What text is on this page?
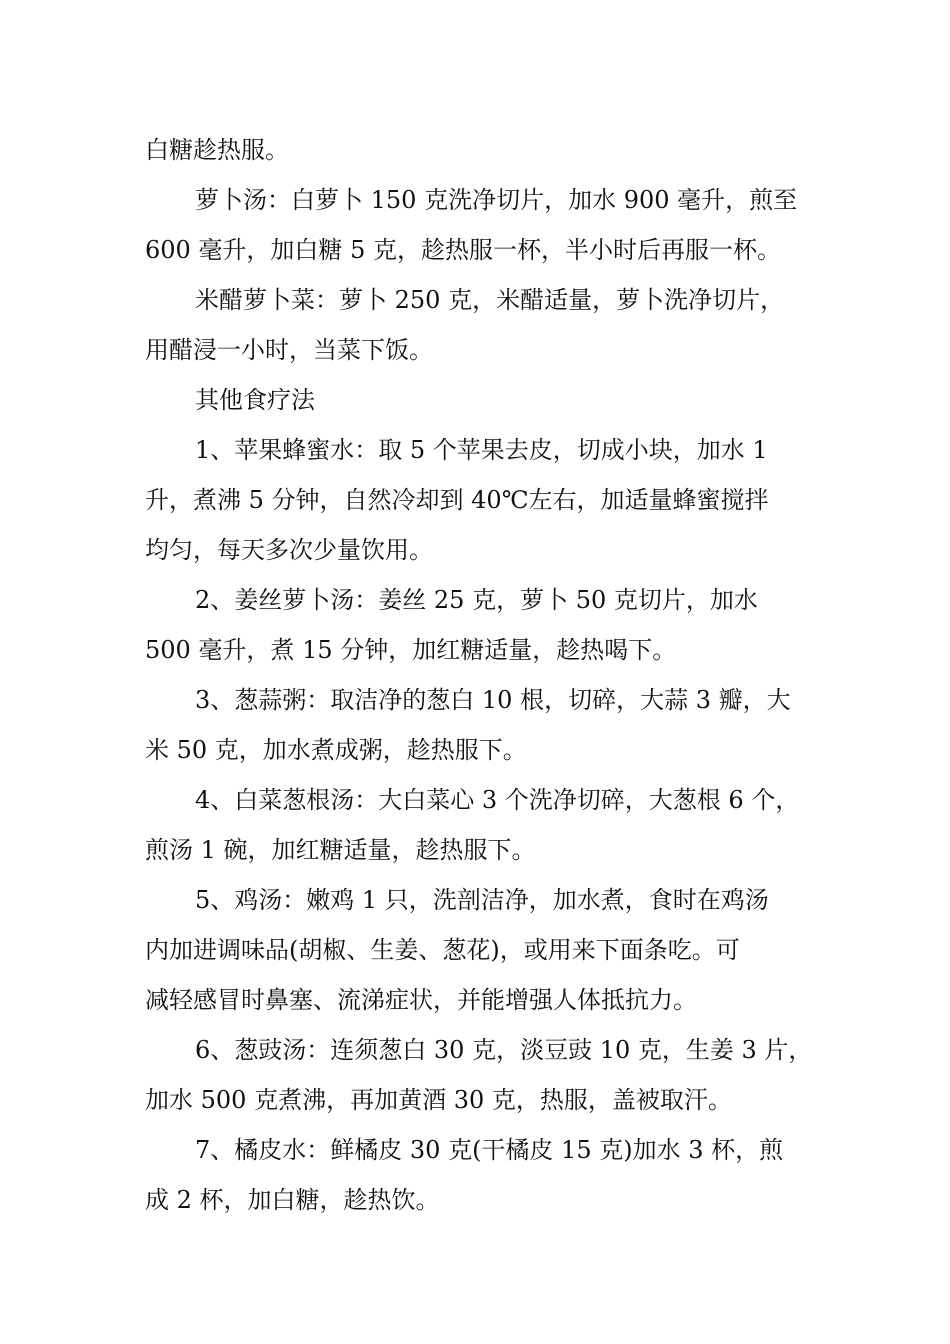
白糖趁热服。
萝卜汤：白萝卜 150 克洗净切片，加水 900 毫升，煎至
600 毫升，加白糖 5 克，趁热服一杯，半小时后再服一杯。
米醋萝卜菜：萝卜 250 克，米醋适量，萝卜洗净切片，
用醋浸一小时，当菜下饭。
其他食疗法
1、苹果蜂蜜水：取 5 个苹果去皮，切成小块，加水 1
升，煮沸 5 分钟，自然冷却到 40℃左右，加适量蜂蜜搅拌
均匀，每天多次少量饮用。
2、姜丝萝卜汤：姜丝 25 克，萝卜 50 克切片，加水
500 毫升，煮 15 分钟，加红糖适量，趁热喝下。
3、葱蒜粥：取洁净的葱白 10 根，切碎，大蒜 3 瓣，大
米 50 克，加水煮成粥，趁热服下。
4、白菜葱根汤：大白菜心 3 个洗净切碎，大葱根 6 个，
煎汤 1 碗，加红糖适量，趁热服下。
5、鸡汤：嫩鸡 1 只，洗剖洁净，加水煮，食时在鸡汤
内加进调味品(胡椒、生姜、葱花)，或用来下面条吃。可
减轻感冒时鼻塞、流涕症状，并能增强人体抵抗力。
6、葱豉汤：连须葱白 30 克，淡豆豉 10 克，生姜 3 片，
加水 500 克煮沸，再加黄酒 30 克，热服，盖被取汗。
7、橘皮水：鲜橘皮 30 克(干橘皮 15 克)加水 3 杯，煎
成 2 杯，加白糖，趁热饮。
